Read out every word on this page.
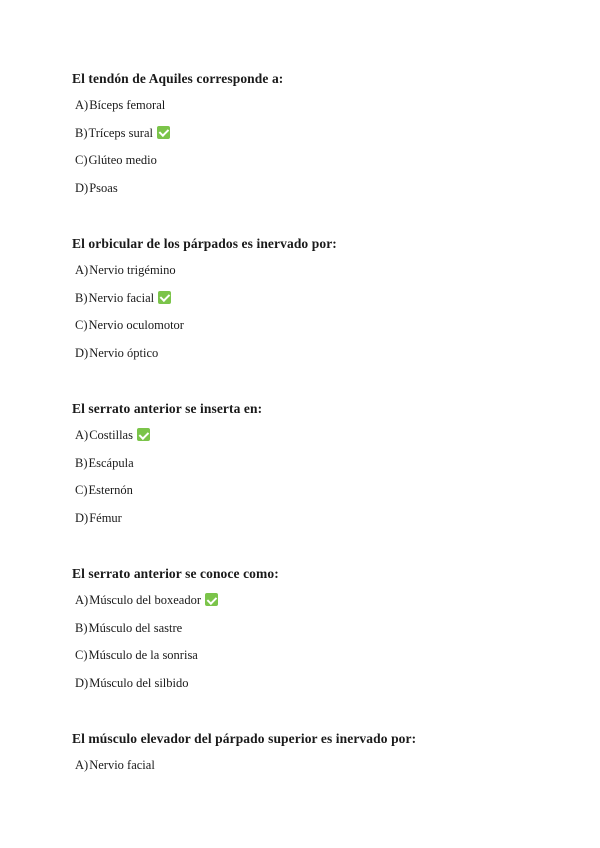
El tendón de Aquiles corresponde a:

A)Bíceps femoral
B)Tríceps sural
C)Glúteo medio
D)Psoas

El orbicular de los párpados es inervado por:

A)Nervio trigémino
B)Nervio facial
C)Nervio oculomotor
D)Nervio óptico

El serrato anterior se inserta en:

A)Costillas
B)Escápula
C)Esternón
D)Fémur

El serrato anterior se conoce como:

A)Músculo del boxeador
B)Músculo del sastre
C)Músculo de la sonrisa
D)Músculo del silbido

El músculo elevador del párpado superior es inervado por:

A)Nervio facial
